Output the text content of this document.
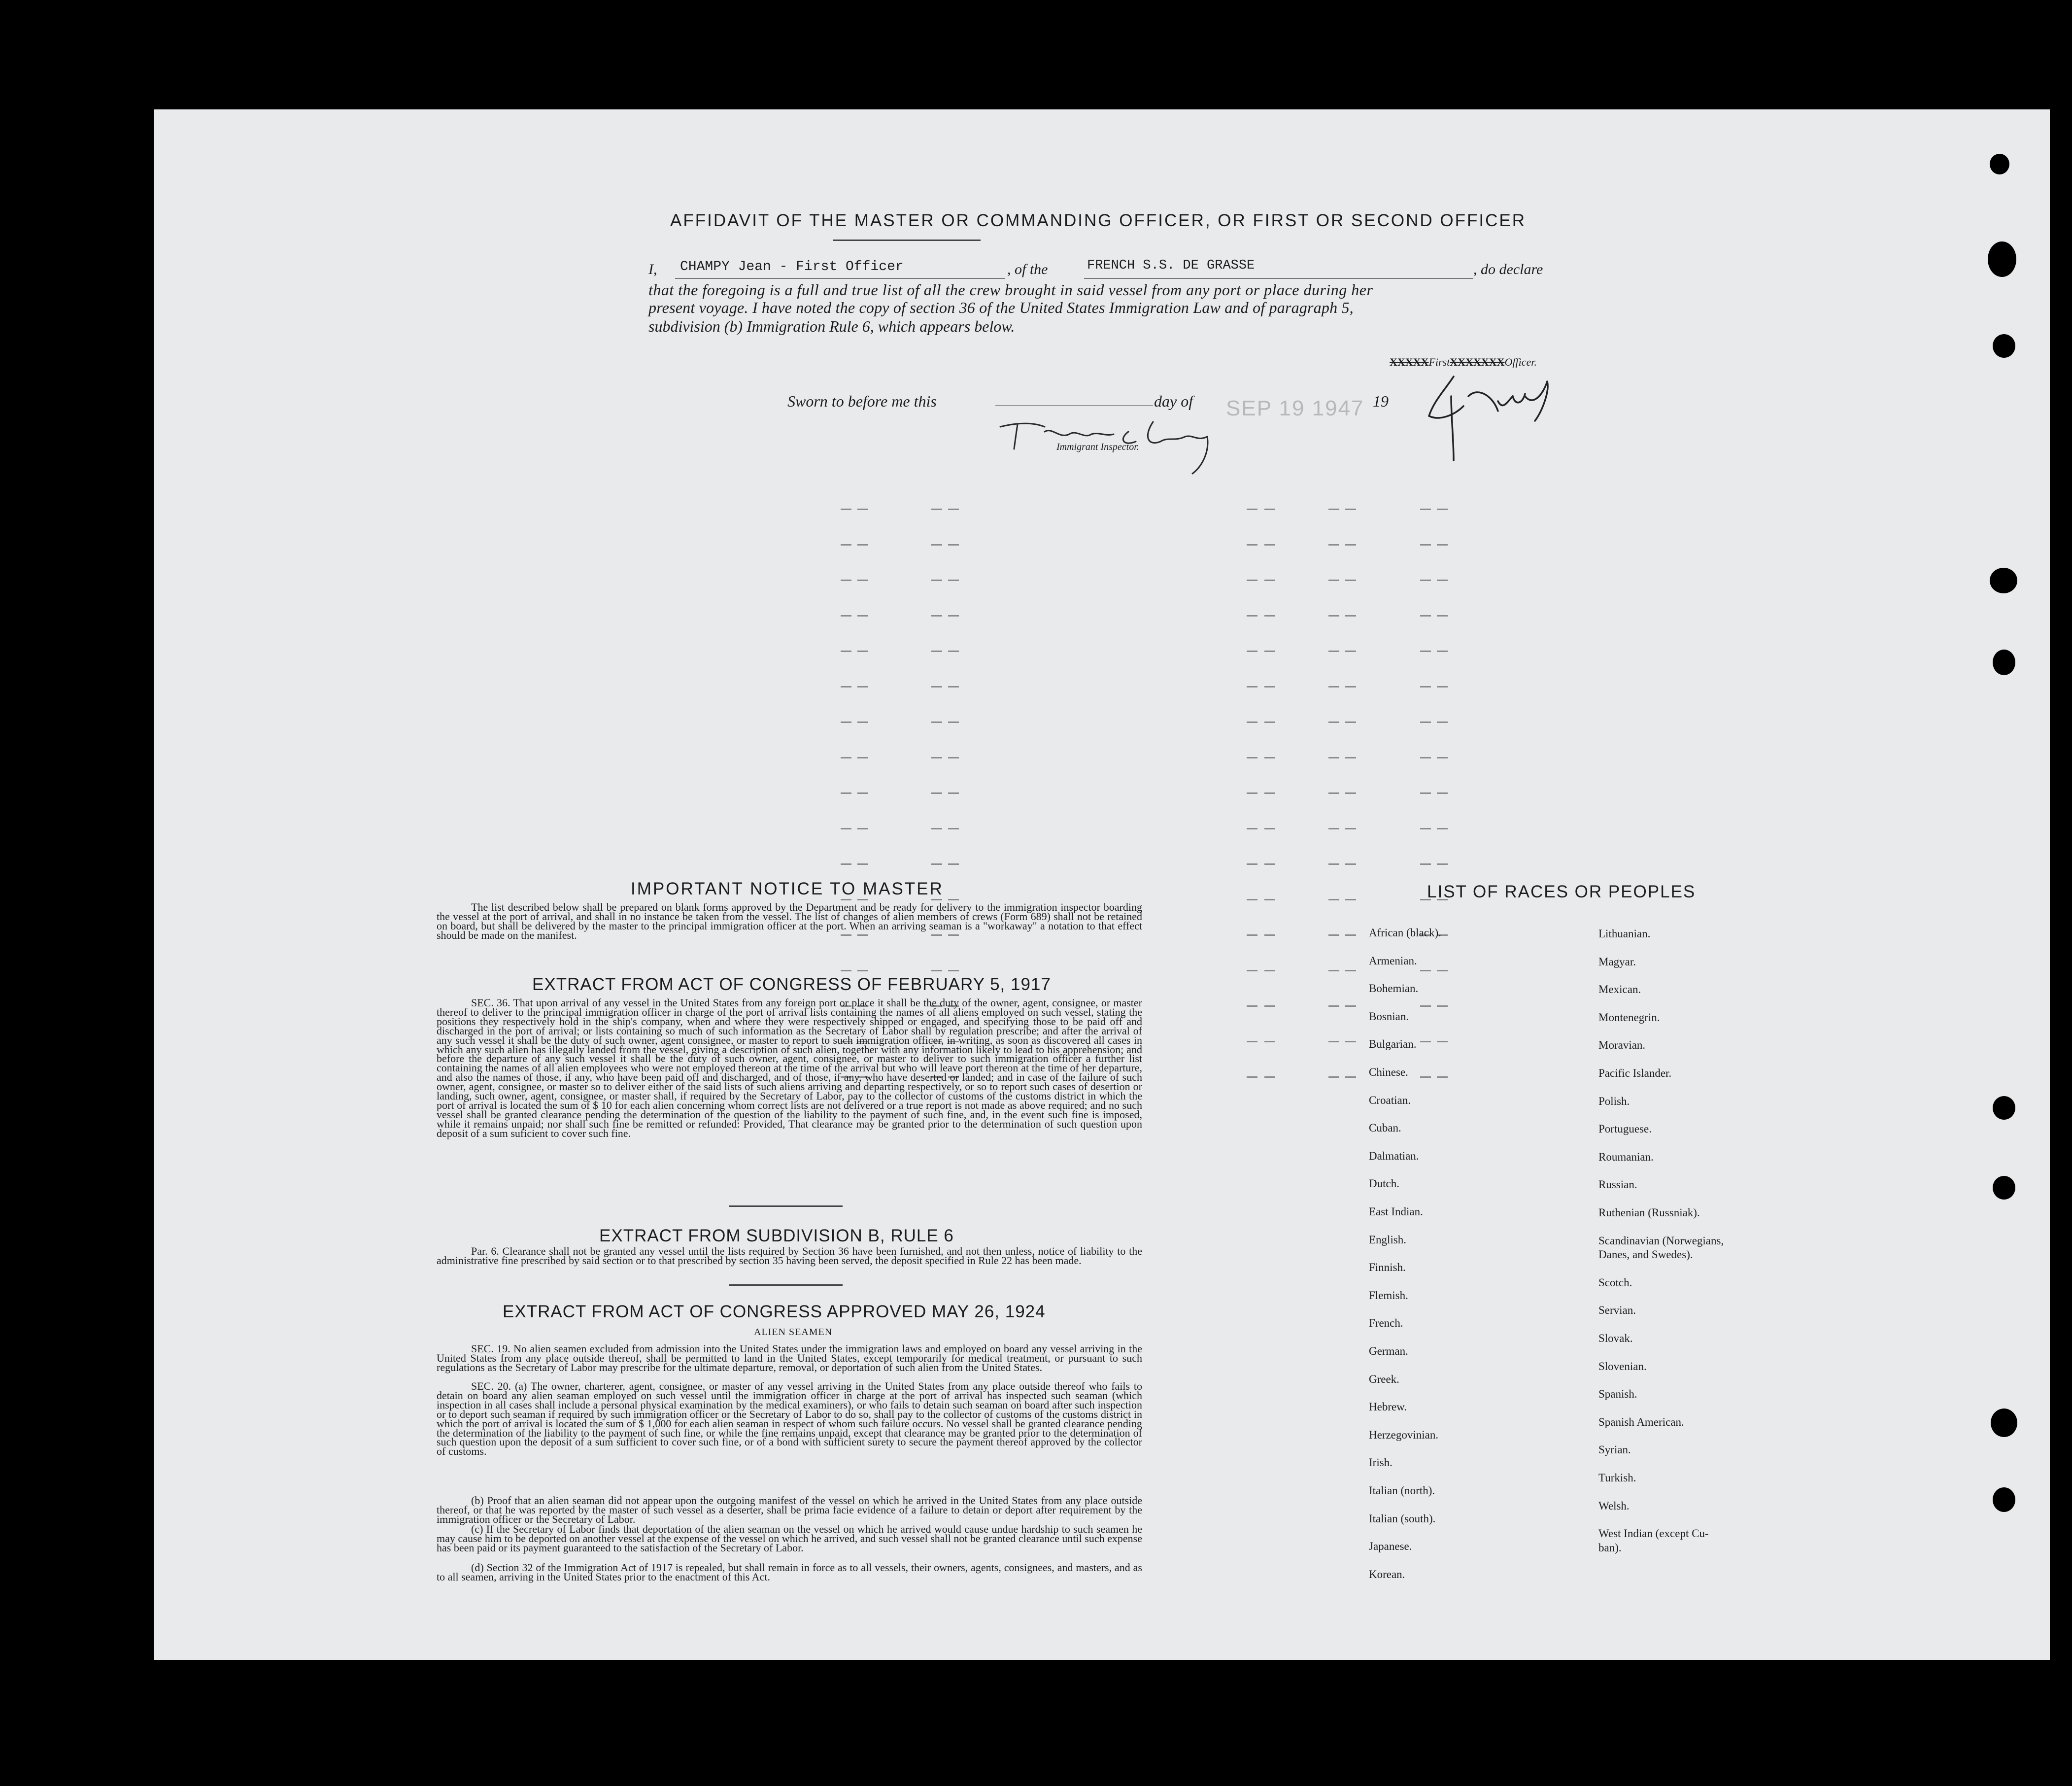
AFFIDAVIT OF THE MASTER OR COMMANDING OFFICER, OR FIRST OR SECOND OFFICER
I, CHAMPY Jean - First Officer	, of the	FRENCH S.S. DE GRASSE	, do declare
that the foregoing is a full and true list of all the crew brought in said vessel from any port or place during her
present voyage. I have noted the copy of section 36 of the United States Immigration Law and of paragraph 5,
subdivision (b) Immigration Rule 6, which appears below.
XXXXXFirstXXXXXXXOfficer.
Sworn to before me this	day of SEP 19 1947 19
Immigrant Inspector.
IMPORTANT NOTICE TO MASTER
The list described below shall be prepared on blank forms approved by the Department and be ready for delivery to the immigration inspector boarding the vessel at the port of arrival, and shall in no instance be taken from the vessel. The list of changes of alien members of crews (Form 689) shall not be retained on board, but shall be delivered by the master to the principal immigration officer at the port. When an arriving seaman is a "workaway" a notation to that effect should be made on the manifest.
EXTRACT FROM ACT OF CONGRESS OF FEBRUARY 5, 1917
SEC. 36. That upon arrival of any vessel in the United States from any foreign port or place it shall be the duty of the owner, agent, consignee, or master thereof to deliver to the principal immigration officer in charge of the port of arrival lists containing the names of all aliens employed on such vessel, stating the positions they respectively hold in the ship's company, when and where they were respectively shipped or engaged, and specifying those to be paid off and discharged in the port of arrival; or lists containing so much of such information as the Secretary of Labor shall by regulation prescribe; and after the arrival of any such vessel it shall be the duty of such owner, agent consignee, or master to report to such immigration officer, in writing, as soon as discovered all cases in which any such alien has illegally landed from the vessel, giving a description of such alien, together with any information likely to lead to his apprehension; and before the departure of any such vessel it shall be the duty of such owner, agent, consignee, or master to deliver to such immigration officer a further list containing the names of all alien employees who were not employed thereon at the time of the arrival but who will leave port thereon at the time of her departure, and also the names of those, if any, who have been paid off and discharged, and of those, if any, who have deserted or landed; and in case of the failure of such owner, agent, consignee, or master so to deliver either of the said lists of such aliens arriving and departing respectively, or so to report such cases of desertion or landing, such owner, agent, consignee, or master shall, if required by the Secretary of Labor, pay to the collector of customs of the customs district in which the port of arrival is located the sum of $ 10 for each alien concerning whom correct lists are not delivered or a true report is not made as above required; and no such vessel shall be granted clearance pending the determination of the question of the liability to the payment of such fine, and, in the event such fine is imposed, while it remains unpaid; nor shall such fine be remitted or refunded: Provided, That clearance may be granted prior to the determination of such question upon deposit of a sum suficient to cover such fine.
EXTRACT FROM SUBDIVISION B, RULE 6
Par. 6. Clearance shall not be granted any vessel until the lists required by Section 36 have been furnished, and not then unless, notice of liability to the administrative fine prescribed by said section or to that prescribed by section 35 having been served, the deposit specified in Rule 22 has been made.
EXTRACT FROM ACT OF CONGRESS APPROVED MAY 26, 1924
ALIEN SEAMEN
SEC. 19. No alien seamen excluded from admission into the United States under the immigration laws and employed on board any vessel arriving in the United States from any place outside thereof, shall be permitted to land in the United States, except temporarily for medical treatment, or pursuant to such regulations as the Secretary of Labor may prescribe for the ultimate departure, removal, or deportation of such alien from the United States.
SEC. 20. (a) The owner, charterer, agent, consignee, or master of any vessel arriving in the United States from any place outside thereof who fails to detain on board any alien seaman employed on such vessel until the immigration officer in charge at the port of arrival has inspected such seaman (which inspection in all cases shall include a personal physical examination by the medical examiners), or who fails to detain such seaman on board after such inspection or to deport such seaman if required by such immigration officer or the Secretary of Labor to do so, shall pay to the collector of customs of the customs district in which the port of arrival is located the sum of $ 1,000 for each alien seaman in respect of whom such failure occurs. No vessel shall be granted clearance pending the determination of the liability to the payment of such fine, or while the fine remains unpaid, except that clearance may be granted prior to the determination of such question upon the deposit of a sum sufficient to cover such fine, or of a bond with sufficient surety to secure the payment thereof approved by the collector of customs.
(b) Proof that an alien seaman did not appear upon the outgoing manifest of the vessel on which he arrived in the United States from any place outside thereof, or that he was reported by the master of such vessel as a deserter, shall be prima facie evidence of a failure to detain or deport after requirement by the immigration officer or the Secretary of Labor.
(c) If the Secretary of Labor finds that deportation of the alien seaman on the vessel on which he arrived would cause undue hardship to such seamen he may cause him to be deported on another vessel at the expense of the vessel on which he arrived, and such vessel shall not be granted clearance until such expense has been paid or its payment guaranteed to the satisfaction of the Secretary of Labor.
(d) Section 32 of the Immigration Act of 1917 is repealed, but shall remain in force as to all vessels, their owners, agents, consignees, and masters, and as to all seamen, arriving in the United States prior to the enactment of this Act.
LIST OF RACES OR PEOPLES
African (black).
Armenian.
Bohemian.
Bosnian.
Bulgarian.
Chinese.
Croatian.
Cuban.
Dalmatian.
Dutch.
East Indian.
English.
Finnish.
Flemish.
French.
German.
Greek.
Hebrew.
Herzegovinian.
Irish.
Italian (north).
Italian (south).
Japanese.
Korean.
Lithuanian.
Magyar.
Mexican.
Montenegrin.
Moravian.
Pacific Islander.
Polish.
Portuguese.
Roumanian.
Russian.
Ruthenian (Russniak).
Scandinavian (Norwegians,
Danes, and Swedes).
Scotch.
Servian.
Slovak.
Slovenian.
Spanish.
Spanish American.
Syrian.
Turkish.
Welsh.
West Indian (except Cu-
ban).
